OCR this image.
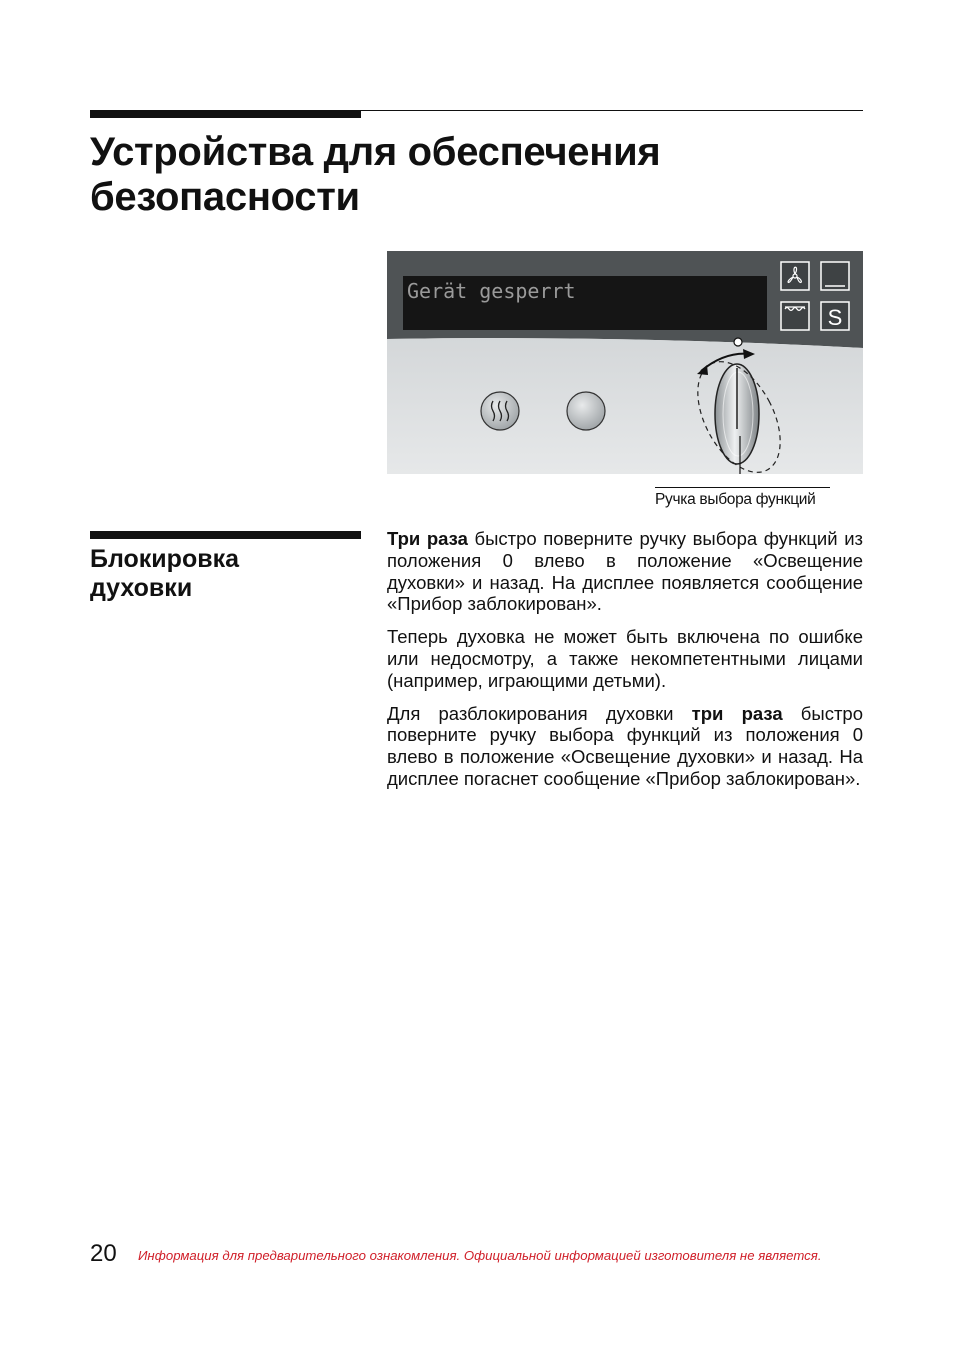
Устройства для обеспечения
безопасности
Gerät gesperrt
S
Ручка выбора функций
Блокировка
духовки

Три раза быстро поверните ручку выбора функций из положения 0 влево в положение «Освещение духовки» и назад. На дисплее появляется сообщение «Прибор заблокирован».

Теперь духовка не может быть включена по ошибке или недосмотру, а также некомпетентными лицами (например, играющими детьми).

Для разблокирования духовки три раза быстро поверните ручку выбора функций из положения 0 влево в положение «Освещение духовки» и назад. На дисплее погаснет сообщение «Прибор заблокирован».

20 Информация для предварительного ознакомления. Официальной информацией изготовителя не является.
